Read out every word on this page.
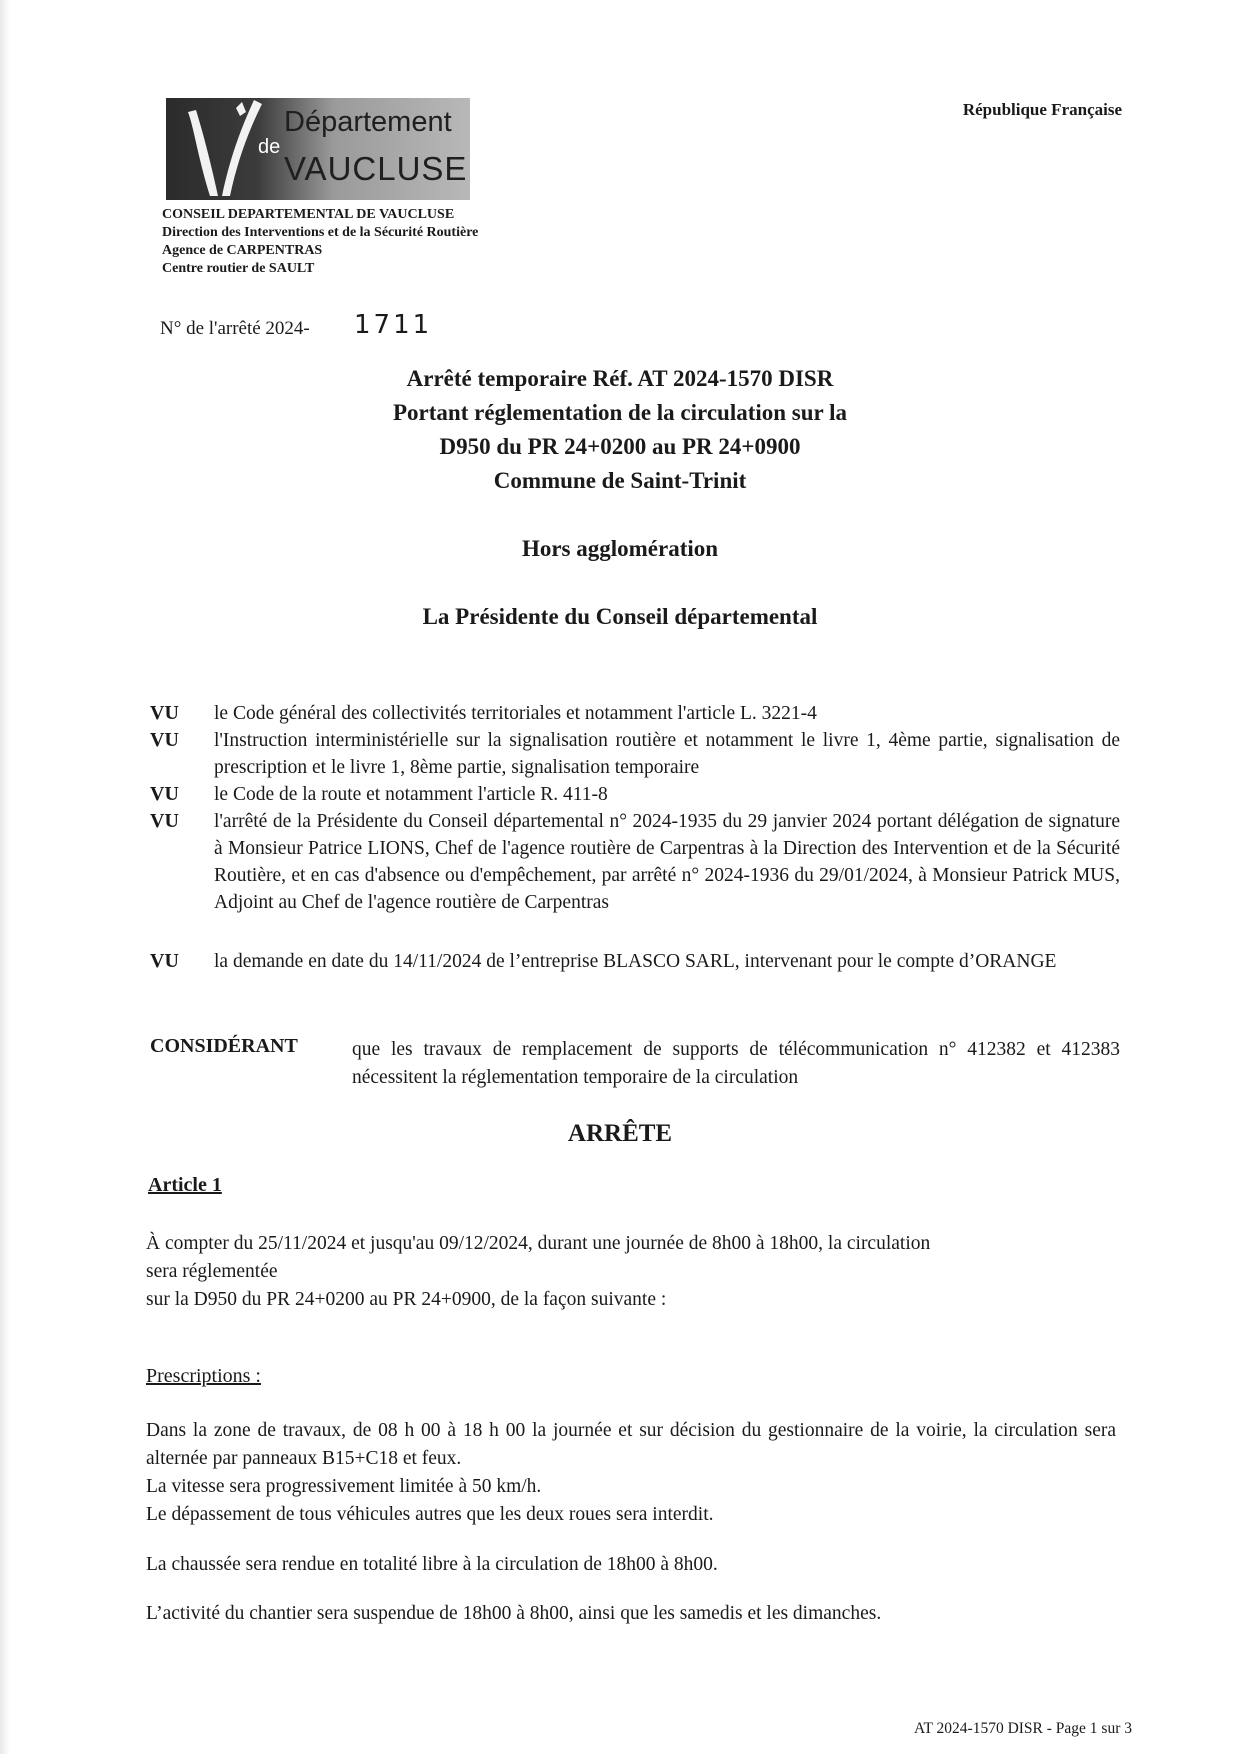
Département
de
VAUCLUSE
République Française
CONSEIL DEPARTEMENTAL DE VAUCLUSE
Direction des Interventions et de la Sécurité Routière
Agence de CARPENTRAS
Centre routier de SAULT
N° de l'arrêté 2024- 1711
Arrêté temporaire Réf. AT 2024-1570 DISR
Portant réglementation de la circulation sur la
D950 du PR 24+0200 au PR 24+0900
Commune de Saint-Trinit
Hors agglomération
La Présidente du Conseil départemental
VU le Code général des collectivités territoriales et notamment l'article L. 3221-4
VU l'Instruction interministérielle sur la signalisation routière et notamment le livre 1, 4ème partie, signalisation de prescription et le livre 1, 8ème partie, signalisation temporaire
VU le Code de la route et notamment l'article R. 411-8
VU l'arrêté de la Présidente du Conseil départemental n° 2024-1935 du 29 janvier 2024 portant délégation de signature à Monsieur Patrice LIONS, Chef de l'agence routière de Carpentras à la Direction des Intervention et de la Sécurité Routière, et en cas d'absence ou d'empêchement, par arrêté n° 2024-1936 du 29/01/2024, à Monsieur Patrick MUS, Adjoint au Chef de l'agence routière de Carpentras
VU la demande en date du 14/11/2024 de l’entreprise BLASCO SARL, intervenant pour le compte d’ORANGE
CONSIDÉRANT	que les travaux de remplacement de supports de télécommunication n° 412382 et 412383 nécessitent la réglementation temporaire de la circulation
ARRÊTE
Article 1
À compter du 25/11/2024 et jusqu'au 09/12/2024, durant une journée de 8h00 à 18h00, la circulation
sera réglementée
sur la D950 du PR 24+0200 au PR 24+0900, de la façon suivante :
Prescriptions :
Dans la zone de travaux, de 08 h 00 à 18 h 00 la journée et sur décision du gestionnaire de la voirie, la circulation sera alternée par panneaux B15+C18 et feux.
La vitesse sera progressivement limitée à 50 km/h.
Le dépassement de tous véhicules autres que les deux roues sera interdit.
La chaussée sera rendue en totalité libre à la circulation de 18h00 à 8h00.
L’activité du chantier sera suspendue de 18h00 à 8h00, ainsi que les samedis et les dimanches.
AT 2024-1570 DISR - Page 1 sur 3
